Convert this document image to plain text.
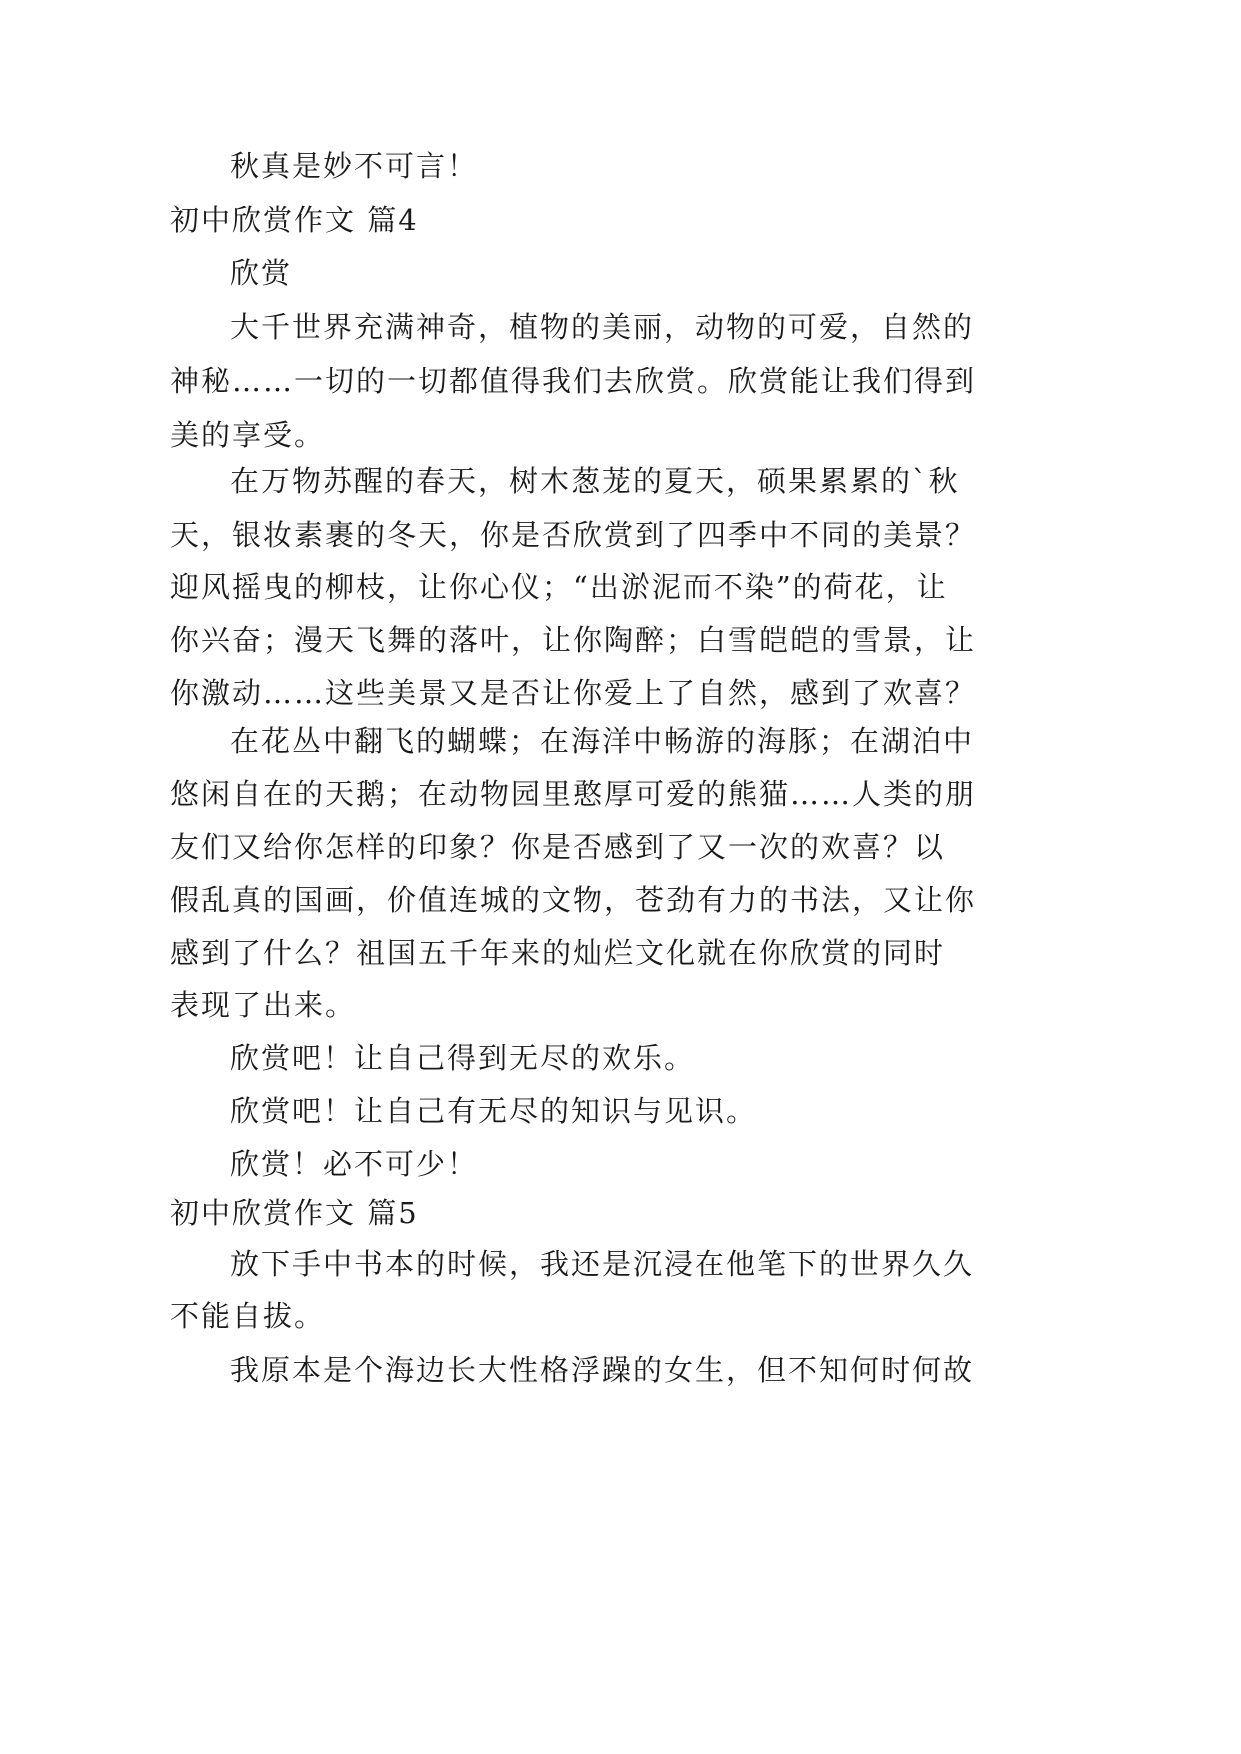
秋真是妙不可言！
初中欣赏作文 篇4
欣赏
大千世界充满神奇，植物的美丽，动物的可爱，自然的
神秘……一切的一切都值得我们去欣赏。欣赏能让我们得到
美的享受。
在万物苏醒的春天，树木葱茏的夏天，硕果累累的`秋
天，银妆素裹的冬天，你是否欣赏到了四季中不同的美景？
迎风摇曳的柳枝，让你心仪；“出淤泥而不染”的荷花，让
你兴奋；漫天飞舞的落叶，让你陶醉；白雪皑皑的雪景，让
你激动……这些美景又是否让你爱上了自然，感到了欢喜？
在花丛中翻飞的蝴蝶；在海洋中畅游的海豚；在湖泊中
悠闲自在的天鹅；在动物园里憨厚可爱的熊猫……人类的朋
友们又给你怎样的印象？你是否感到了又一次的欢喜？以
假乱真的国画，价值连城的文物，苍劲有力的书法，又让你
感到了什么？祖国五千年来的灿烂文化就在你欣赏的同时
表现了出来。
欣赏吧！让自己得到无尽的欢乐。
欣赏吧！让自己有无尽的知识与见识。
欣赏！必不可少！
初中欣赏作文 篇5
放下手中书本的时候，我还是沉浸在他笔下的世界久久
不能自拔。
我原本是个海边长大性格浮躁的女生，但不知何时何故
